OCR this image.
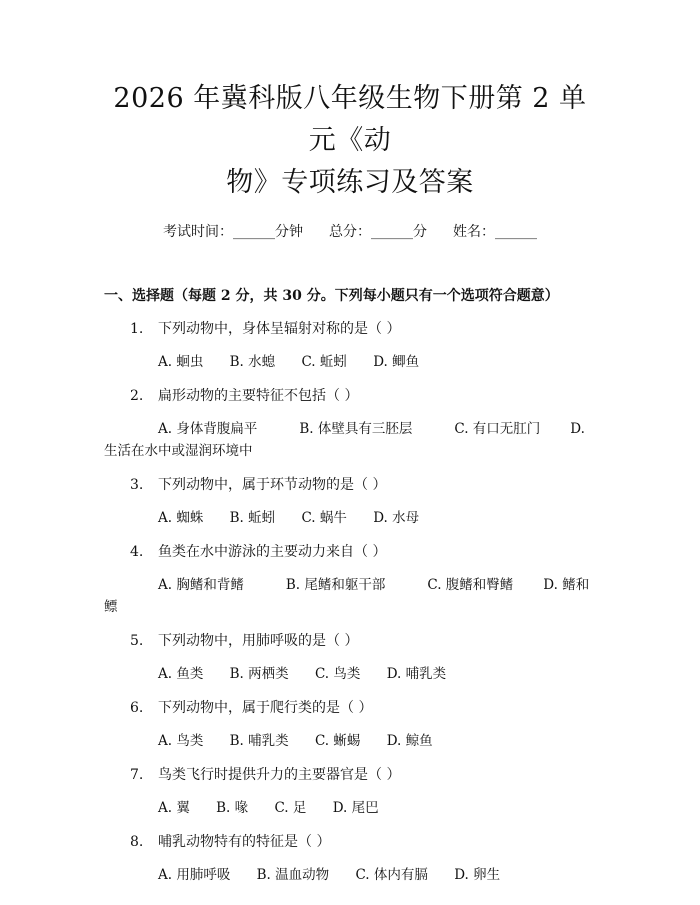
2026 年冀科版八年级生物下册第 2 单元《动
物》专项练习及答案
考试时间：______分钟 总分：______分 姓名：______
一、选择题（每题 2 分，共 30 分。下列每小题只有一个选项符合题意）
1. 下列动物中，身体呈辐射对称的是（ ）
A. 蛔虫 B. 水螅 C. 蚯蚓 D. 鲫鱼
2. 扁形动物的主要特征不包括（ ）
A. 身体背腹扁平	B. 体壁具有三胚层	C. 有口无肛门 D. 生活在水中或湿润环境中
3. 下列动物中，属于环节动物的是（ ）
A. 蜘蛛 B. 蚯蚓 C. 蜗牛 D. 水母
4. 鱼类在水中游泳的主要动力来自（ ）
A. 胸鳍和背鳍	B. 尾鳍和躯干部	C. 腹鳍和臀鳍 D. 鳍和鳔
5. 下列动物中，用肺呼吸的是（ ）
A. 鱼类 B. 两栖类 C. 鸟类 D. 哺乳类
6. 下列动物中，属于爬行类的是（ ）
A. 鸟类 B. 哺乳类 C. 蜥蜴 D. 鲸鱼
7. 鸟类飞行时提供升力的主要器官是（ ）
A. 翼 B. 喙 C. 足 D. 尾巴
8. 哺乳动物特有的特征是（ ）
A. 用肺呼吸 B. 温血动物 C. 体内有膈 D. 卵生
